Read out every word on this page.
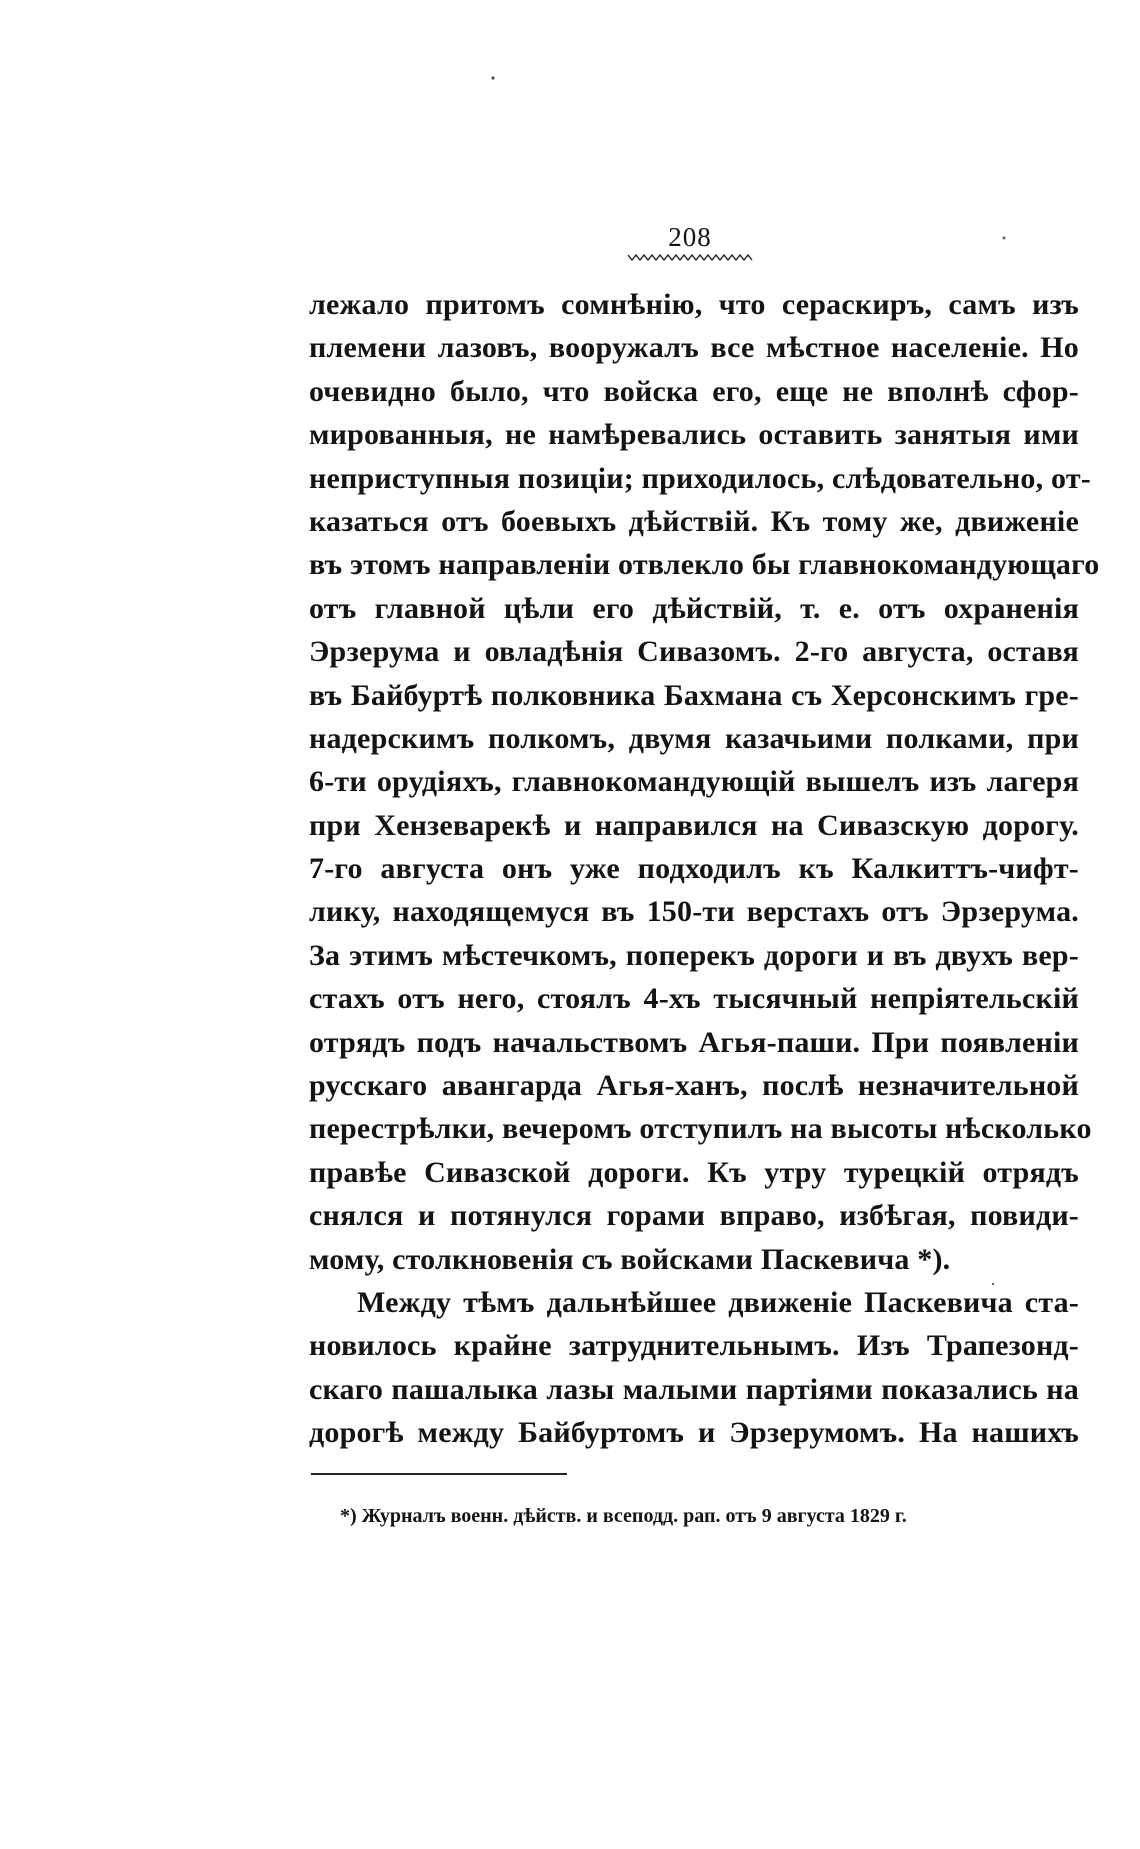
208
лежало притомъ сомнѣнію, что сераскиръ, самъ изъ
племени лазовъ, вооружалъ все мѣстное населеніе. Но
очевидно было, что войска его, еще не вполнѣ сфор-
мированныя, не намѣревались оставить занятыя ими
неприступныя позиціи; приходилось, слѣдовательно, от-
казаться отъ боевыхъ дѣйствій. Къ тому же, движеніе
въ этомъ направленіи отвлекло бы главнокомандующаго
отъ главной цѣли его дѣйствій, т. е. отъ охраненія
Эрзерума и овладѣнія Сивазомъ. 2-го августа, оставя
въ Байбуртѣ полковника Бахмана съ Херсонскимъ гре-
надерскимъ полкомъ, двумя казачьими полками, при
6-ти орудіяхъ, главнокомандующій вышелъ изъ лагеря
при Хензеварекѣ и направился на Сивазскую дорогу.
7-го августа онъ уже подходилъ къ Калкиттъ-чифт-
лику, находящемуся въ 150-ти верстахъ отъ Эрзерума.
За этимъ мѣстечкомъ, поперекъ дороги и въ двухъ вер-
стахъ отъ него, стоялъ 4-хъ тысячный непріятельскій
отрядъ подъ начальствомъ Агья-паши. При появленіи
русскаго авангарда Агья-ханъ, послѣ незначительной
перестрѣлки, вечеромъ отступилъ на высоты нѣсколько
правѣе Сивазской дороги. Къ утру турецкій отрядъ
снялся и потянулся горами вправо, избѣгая, повиди-
мому, столкновенія съ войсками Паскевича *).
Между тѣмъ дальнѣйшее движеніе Паскевича ста-
новилось крайне затруднительнымъ. Изъ Трапезонд-
скаго пашалыка лазы малыми партіями показались на
дорогѣ между Байбуртомъ и Эрзерумомъ. На нашихъ
*) Журналъ военн. дѣйств. и всеподд. рап. отъ 9 августа 1829 г.
